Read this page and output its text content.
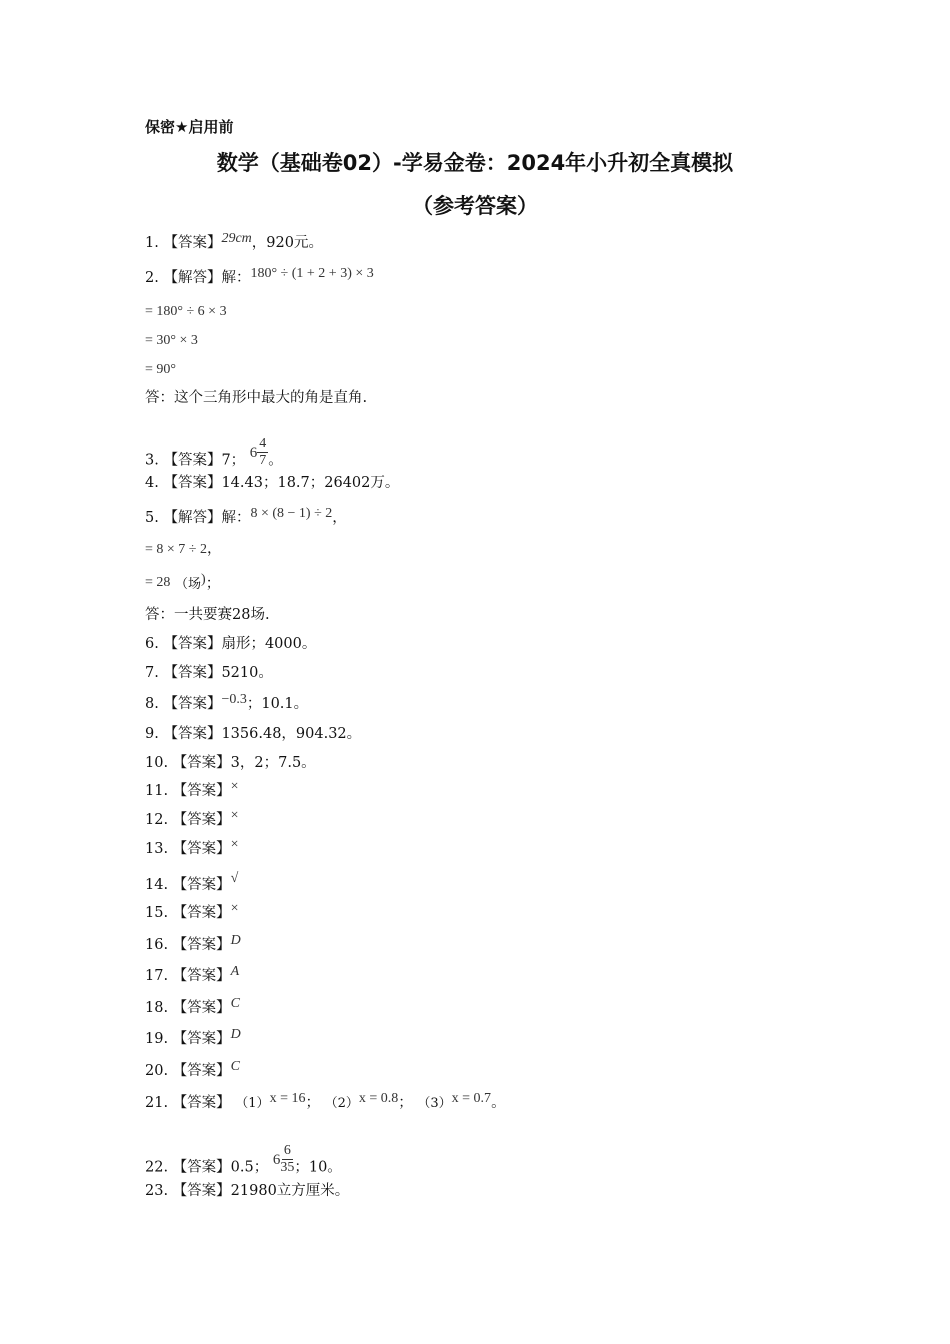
保密★启用前
数学（基础卷02）-学易金卷：2024年小升初全真模拟
（参考答案）
1. 【答案】29cm，920元。
2. 【解答】解：180° ÷ (1 + 2 + 3) × 3
= 180° ÷ 6 × 3
= 30° × 3
= 90°
答：这个三角形中最大的角是直角.
3. 【答案】7； $6 \frac{4}{7}$ 。
4. 【答案】14.43；18.7；26402万。
5. 【解答】解：8 × (8 − 1) ÷ 2，
= 8 × 7 ÷ 2，
= 28 （场)；
答：一共要赛28场.
6. 【答案】扇形；4000。
7. 【答案】5210。
8. 【答案】−0.3；10.1。
9. 【答案】1356.48，904.32。
10. 【答案】3，2；7.5。
11. 【答案】×
12. 【答案】×
13. 【答案】×
14. 【答案】√
15. 【答案】×
16. 【答案】D
17. 【答案】A
18. 【答案】C
19. 【答案】D
20. 【答案】C
21. 【答案】 （1）x = 16； （2）x = 0.8； （3）x = 0.7。
22. 【答案】0.5； $6 \frac{6}{35}$ ；10。
23. 【答案】21980立方厘米。
